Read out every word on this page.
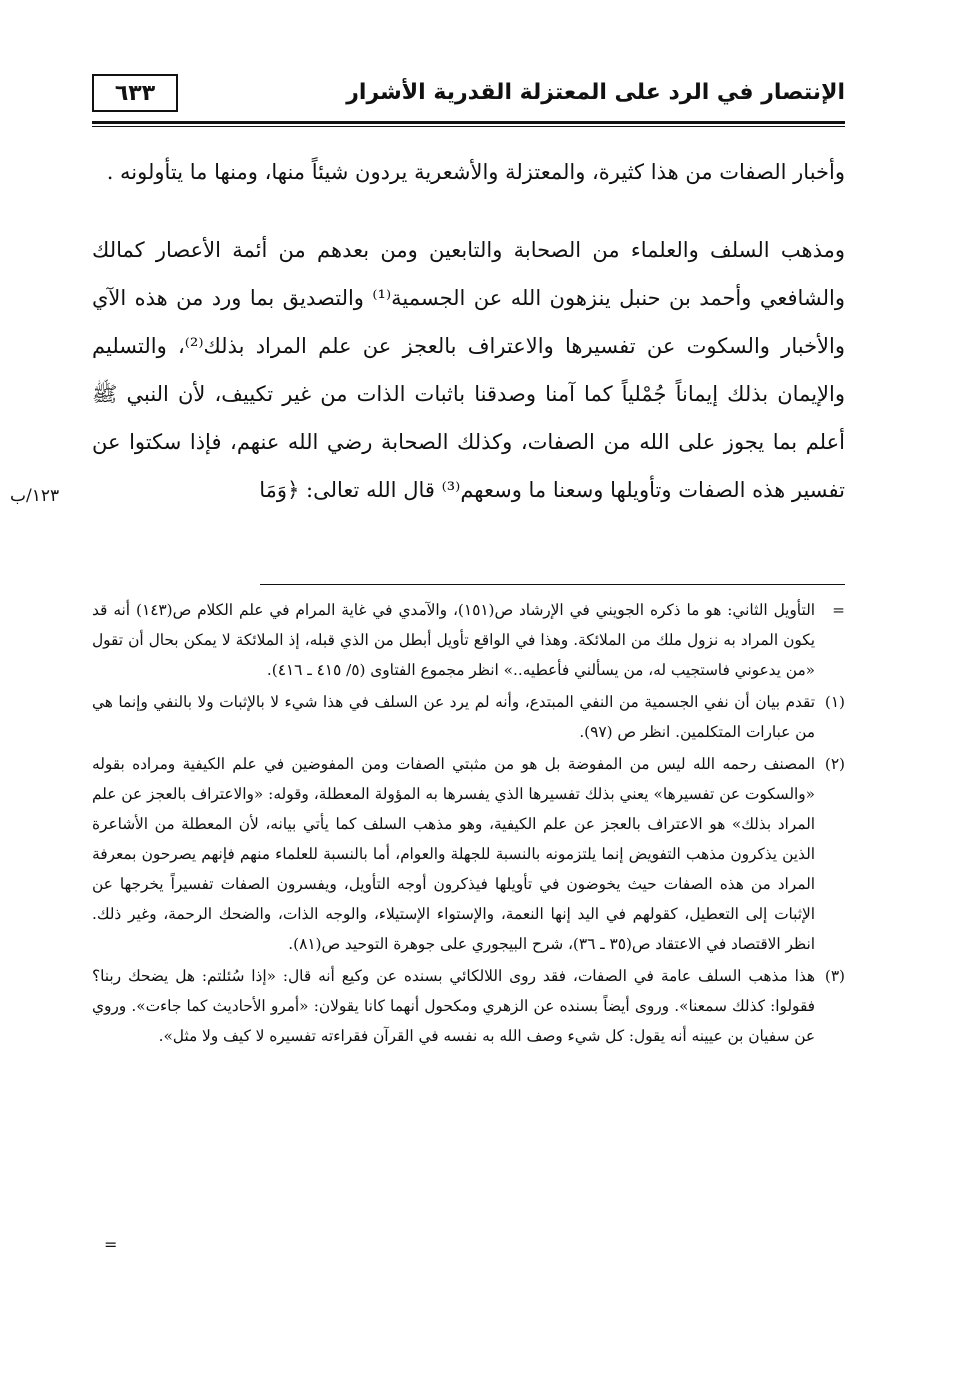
الإنتصار في الرد على المعتزلة القدرية الأشرار
٦٣٣

وأخبار الصفات من هذا كثيرة، والمعتزلة والأشعرية يردون شيئاً منها، ومنها ما يتأولونه .

ومذهب السلف والعلماء من الصحابة والتابعين ومن بعدهم من أئمة الأعصار كمالك والشافعي وأحمد بن حنبل ينزهون الله عن الجسمية⁽¹⁾ والتصديق بما ورد من هذه الآي والأخبار والسكوت عن تفسيرها والاعتراف بالعجز عن علم المراد بذلك⁽²⁾، والتسليم والإيمان بذلك إيماناً جُمْلياً كما آمنا وصدقنا باثبات الذات من غير تكييف، لأن النبي ﷺ أعلم بما يجوز على الله من الصفات، وكذلك الصحابة رضي الله عنهم، فإذا سكتوا عن تفسير هذه الصفات وتأويلها وسعنا ما وسعهم⁽³⁾ قال الله تعالى: ﴿وَمَا

١٢٣/ب
=
التأويل الثاني: هو ما ذكره الجويني في الإرشاد ص(١٥١)، والآمدي في غاية المرام في علم الكلام ص(١٤٣) أنه قد يكون المراد به نزول ملك من الملائكة. وهذا في الواقع تأويل أبطل من الذي قبله، إذ الملائكة لا يمكن بحال أن تقول «من يدعوني فاستجيب له، من يسألني فأعطيه..» انظر مجموع الفتاوى (٥/ ٤١٥ ـ ٤١٦).
(١)
تقدم بيان أن نفي الجسمية من النفي المبتدع، وأنه لم يرد عن السلف في هذا شيء لا بالإثبات ولا بالنفي وإنما هي من عبارات المتكلمين. انظر ص (٩٧).
(٢)
المصنف رحمه الله ليس من المفوضة بل هو من مثبتي الصفات ومن المفوضين في علم الكيفية ومراده بقوله «والسكوت عن تفسيرها» يعني بذلك تفسيرها الذي يفسرها به المؤولة المعطلة، وقوله: «والاعتراف بالعجز عن علم المراد بذلك» هو الاعتراف بالعجز عن علم الكيفية، وهو مذهب السلف كما يأتي بيانه، لأن المعطلة من الأشاعرة الذين يذكرون مذهب التفويض إنما يلتزمونه بالنسبة للجهلة والعوام، أما بالنسبة للعلماء منهم فإنهم يصرحون بمعرفة المراد من هذه الصفات حيث يخوضون في تأويلها فيذكرون أوجه التأويل، ويفسرون الصفات تفسيراً يخرجها عن الإثبات إلى التعطيل، كقولهم في اليد إنها النعمة، والإستواء الإستيلاء، والوجه الذات، والضحك الرحمة، وغير ذلك. انظر الاقتصاد في الاعتقاد ص(٣٥ ـ ٣٦)، شرح البيجوري على جوهرة التوحيد ص(٨١).
(٣)
هذا مذهب السلف عامة في الصفات، فقد روى اللالكائي بسنده عن وكيع أنه قال: «إذا سُئلتم: هل يضحك ربنا؟ فقولوا: كذلك سمعنا». وروى أيضاً بسنده عن الزهري ومكحول أنهما كانا يقولان: «أمرو الأحاديث كما جاءت». وروي عن سفيان بن عيينه أنه يقول: كل شيء وصف الله به نفسه في القرآن فقراءته تفسيره لا كيف ولا مثل».
=
